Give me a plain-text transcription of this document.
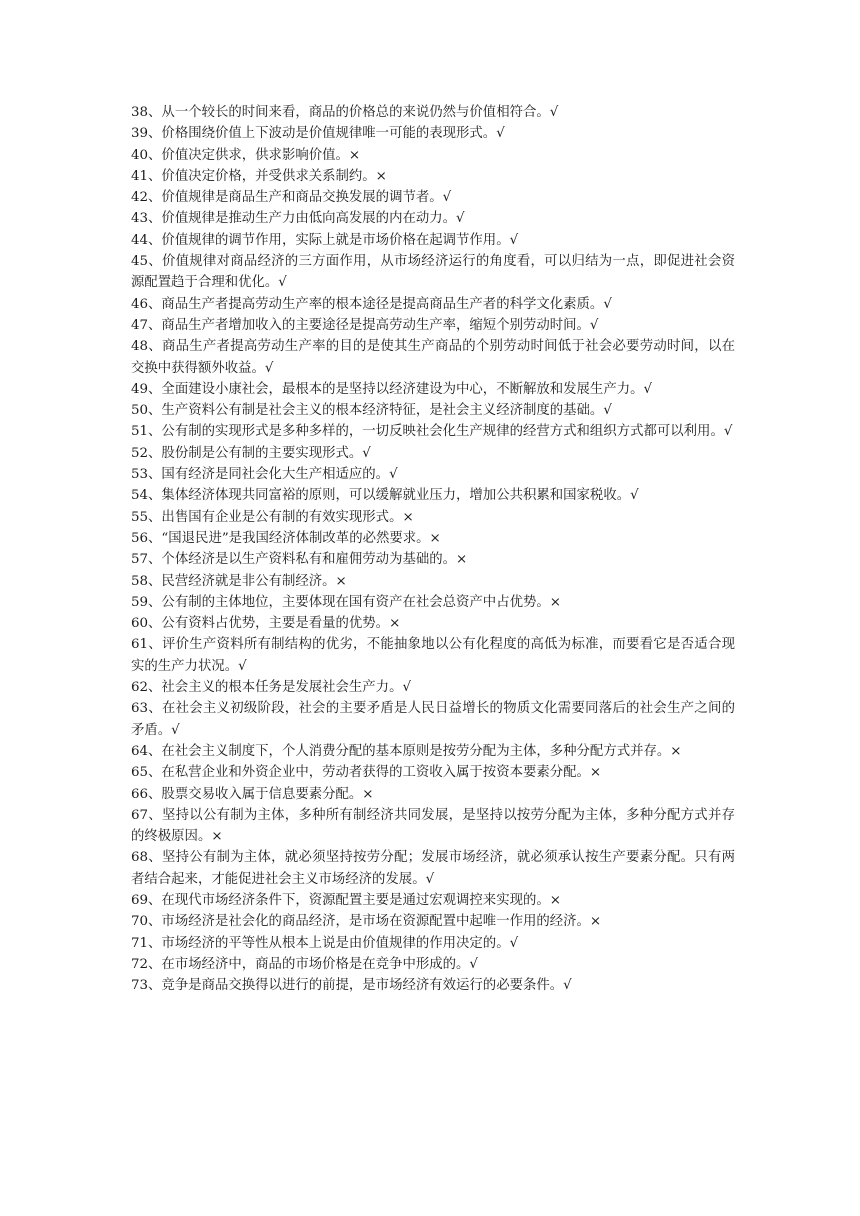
38、从一个较长的时间来看，商品的价格总的来说仍然与价值相符合。√

39、价格围绕价值上下波动是价值规律唯一可能的表现形式。√

40、价值决定供求，供求影响价值。×

41、价值决定价格，并受供求关系制约。×

42、价值规律是商品生产和商品交换发展的调节者。√

43、价值规律是推动生产力由低向高发展的内在动力。√

44、价值规律的调节作用，实际上就是市场价格在起调节作用。√

45、价值规律对商品经济的三方面作用，从市场经济运行的角度看，可以归结为一点，即促进社会资源配置趋于合理和优化。√

46、商品生产者提高劳动生产率的根本途径是提高商品生产者的科学文化素质。√

47、商品生产者增加收入的主要途径是提高劳动生产率，缩短个别劳动时间。√

48、商品生产者提高劳动生产率的目的是使其生产商品的个别劳动时间低于社会必要劳动时间，以在交换中获得额外收益。√

49、全面建设小康社会，最根本的是坚持以经济建设为中心，不断解放和发展生产力。√

50、生产资料公有制是社会主义的根本经济特征，是社会主义经济制度的基础。√

51、公有制的实现形式是多种多样的，一切反映社会化生产规律的经营方式和组织方式都可以利用。√

52、股份制是公有制的主要实现形式。√

53、国有经济是同社会化大生产相适应的。√

54、集体经济体现共同富裕的原则，可以缓解就业压力，增加公共积累和国家税收。√

55、出售国有企业是公有制的有效实现形式。×

56、“国退民进”是我国经济体制改革的必然要求。×

57、个体经济是以生产资料私有和雇佣劳动为基础的。×

58、民营经济就是非公有制经济。×

59、公有制的主体地位，主要体现在国有资产在社会总资产中占优势。×

60、公有资料占优势，主要是看量的优势。×

61、评价生产资料所有制结构的优劣，不能抽象地以公有化程度的高低为标准，而要看它是否适合现实的生产力状况。√

62、社会主义的根本任务是发展社会生产力。√

63、在社会主义初级阶段，社会的主要矛盾是人民日益增长的物质文化需要同落后的社会生产之间的矛盾。√

64、在社会主义制度下，个人消费分配的基本原则是按劳分配为主体，多种分配方式并存。×

65、在私营企业和外资企业中，劳动者获得的工资收入属于按资本要素分配。×

66、股票交易收入属于信息要素分配。×

67、坚持以公有制为主体，多种所有制经济共同发展，是坚持以按劳分配为主体，多种分配方式并存的终极原因。×

68、坚持公有制为主体，就必须坚持按劳分配；发展市场经济，就必须承认按生产要素分配。只有两者结合起来，才能促进社会主义市场经济的发展。√

69、在现代市场经济条件下，资源配置主要是通过宏观调控来实现的。×

70、市场经济是社会化的商品经济，是市场在资源配置中起唯一作用的经济。×

71、市场经济的平等性从根本上说是由价值规律的作用决定的。√

72、在市场经济中，商品的市场价格是在竞争中形成的。√

73、竞争是商品交换得以进行的前提，是市场经济有效运行的必要条件。√
